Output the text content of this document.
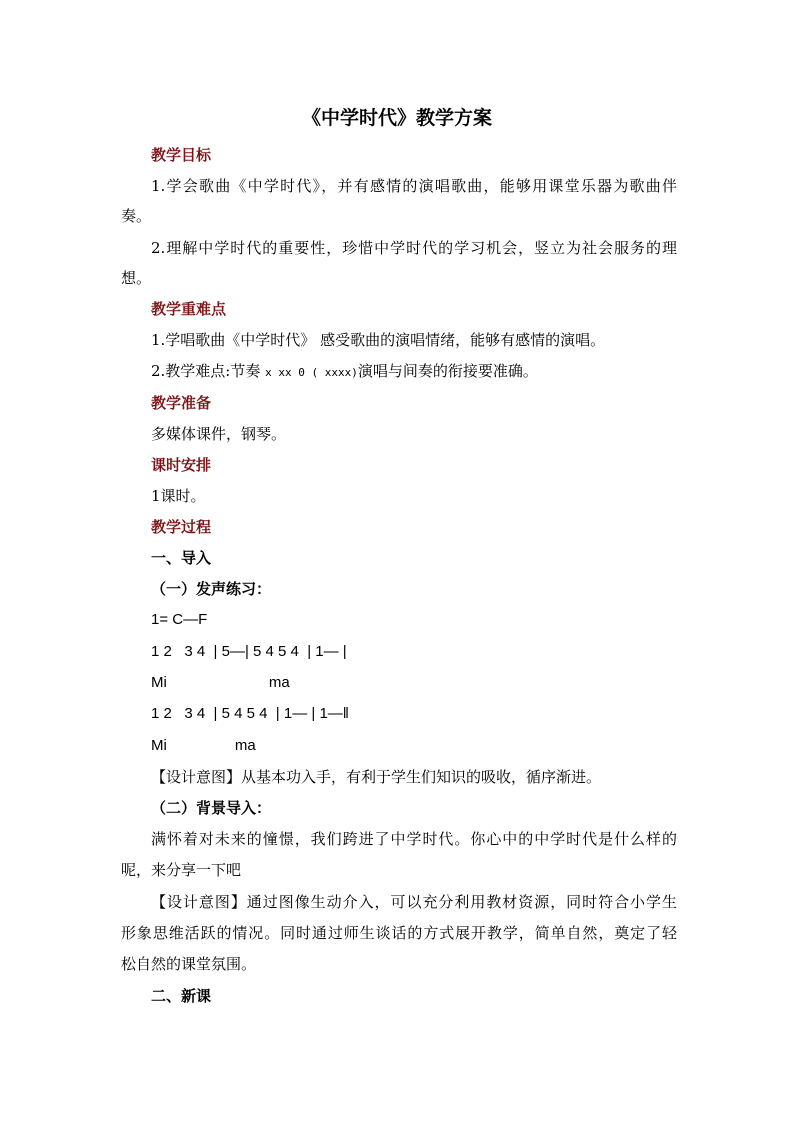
《中学时代》教学方案
教学目标
1.学会歌曲《中学时代》，并有感情的演唱歌曲，能够用课堂乐器为歌曲伴
奏。
2.理解中学时代的重要性，珍惜中学时代的学习机会，竖立为社会服务的理
想。
教学重难点
1.学唱歌曲《中学时代》 感受歌曲的演唱情绪，能够有感情的演唱。
2.教学难点:节奏 x xx 0 ( xxxx)演唱与间奏的衔接要准确。
教学准备
多媒体课件，钢琴。
课时安排
1课时。
教学过程
一、导入
（一）发声练习：
1= C—F
1 2   3 4  | 5—| 5 4 5 4  | 1— |
Mi	ma
1 2   3 4  | 5 4 5 4  | 1— | 1—‖
Mi	ma
【设计意图】从基本功入手，有利于学生们知识的吸收，循序渐进。
（二）背景导入：
满怀着对未来的憧憬，我们跨进了中学时代。你心中的中学时代是什么样的
呢，来分享一下吧
【设计意图】通过图像生动介入，可以充分利用教材资源，同时符合小学生
形象思维活跃的情况。同时通过师生谈话的方式展开教学，简单自然，奠定了轻
松自然的课堂氛围。
二、新课
